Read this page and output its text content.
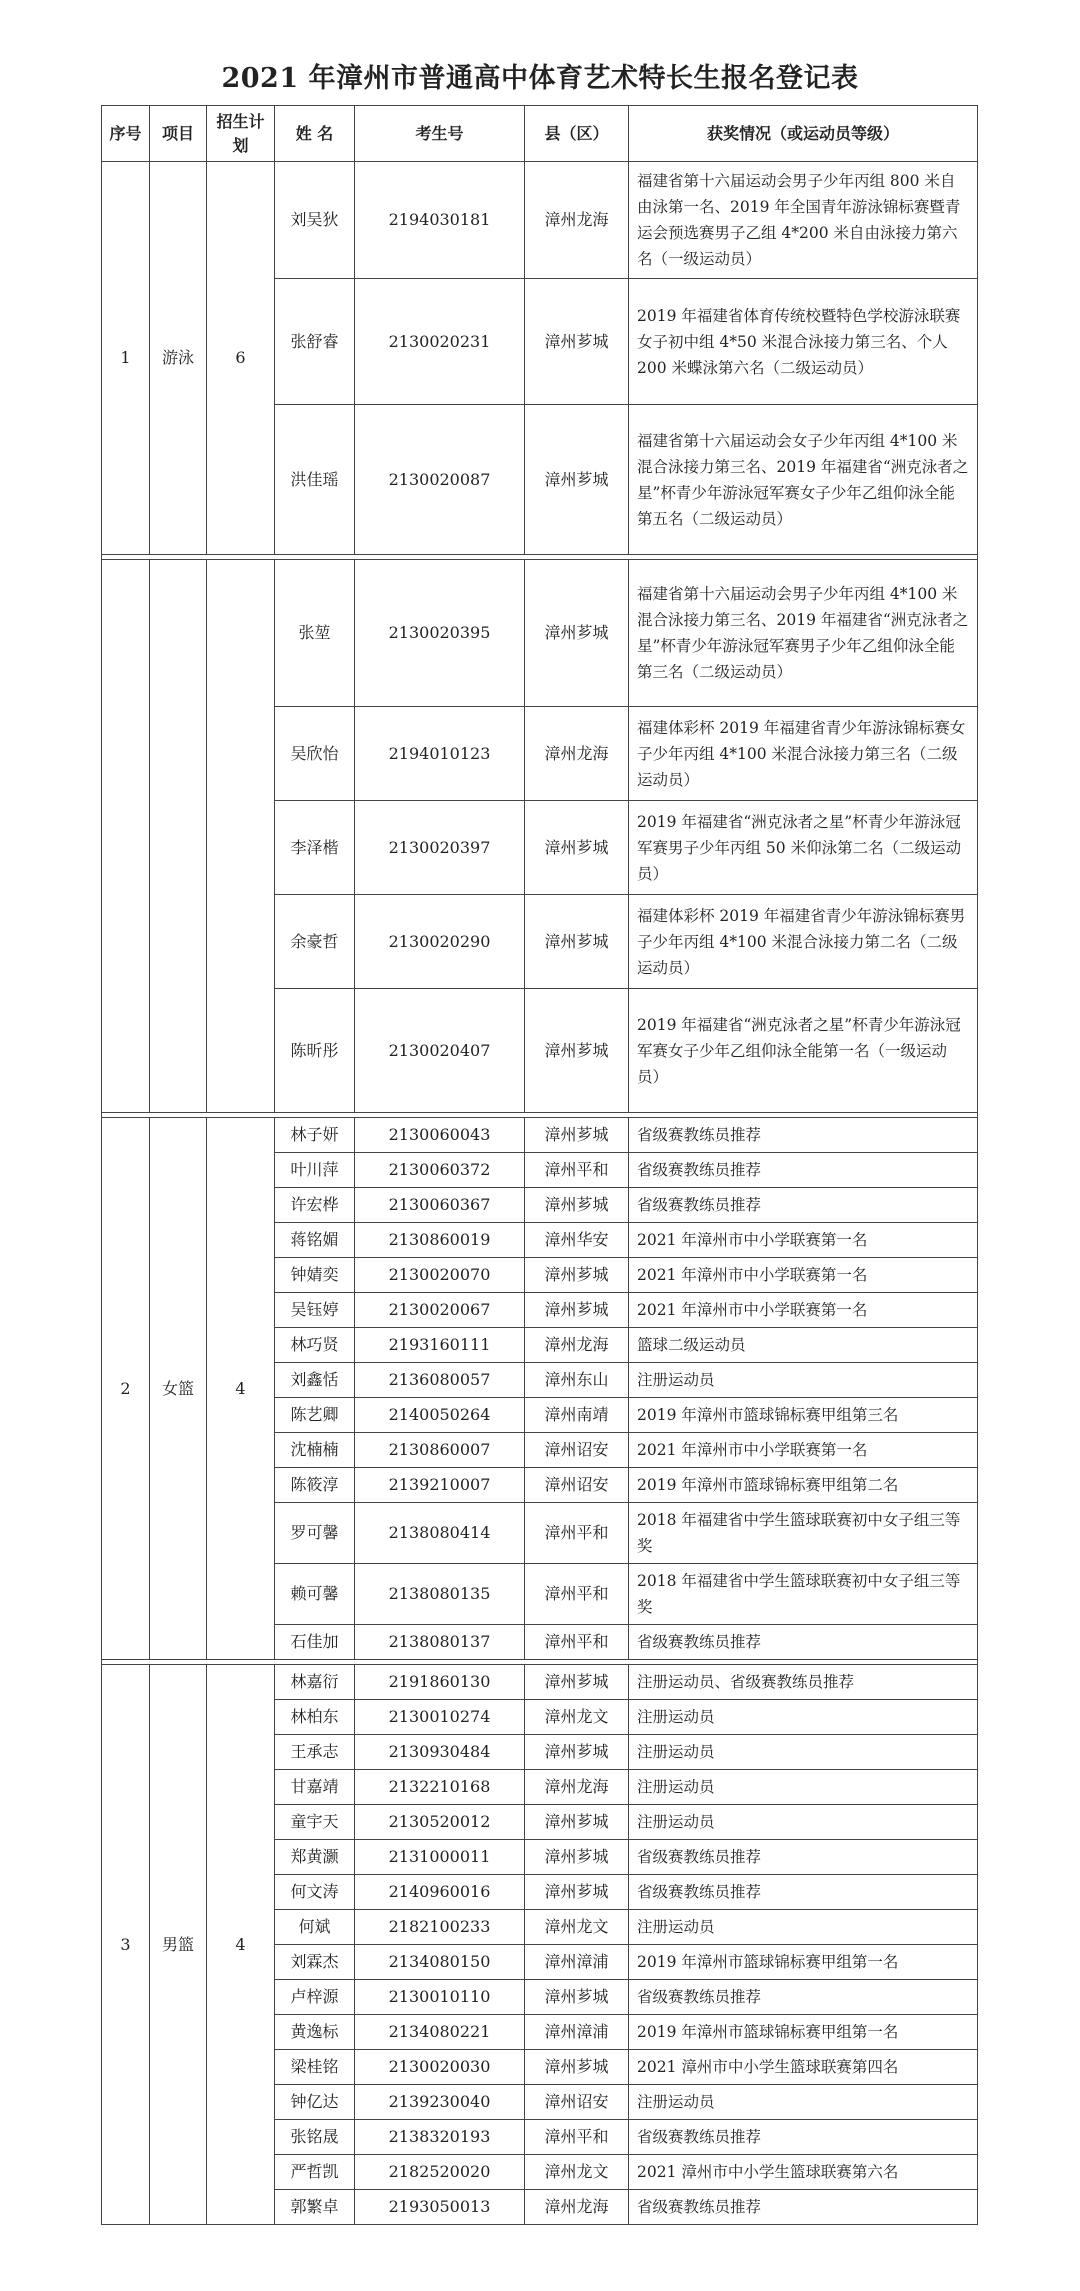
2021 年漳州市普通高中体育艺术特长生报名登记表
序号	项目	招生计划	姓 名	考生号	县（区）	获奖情况（或运动员等级）
1	游泳	6	刘吴狄	2194030181	漳州龙海	福建省第十六届运动会男子少年丙组 800 米自由泳第一名、2019 年全国青年游泳锦标赛暨青运会预选赛男子乙组 4*200 米自由泳接力第六名（一级运动员）
			张舒睿	2130020231	漳州芗城	2019 年福建省体育传统校暨特色学校游泳联赛女子初中组 4*50 米混合泳接力第三名、个人 200 米蝶泳第六名（二级运动员）
			洪佳瑶	2130020087	漳州芗城	福建省第十六届运动会女子少年丙组 4*100 米混合泳接力第三名、2019 年福建省“洲克泳者之星”杯青少年游泳冠军赛女子少年乙组仰泳全能第五名（二级运动员）

			张堃	2130020395	漳州芗城	福建省第十六届运动会男子少年丙组 4*100 米混合泳接力第三名、2019 年福建省“洲克泳者之星”杯青少年游泳冠军赛男子少年乙组仰泳全能第三名（二级运动员）
			吴欣怡	2194010123	漳州龙海	福建体彩杯 2019 年福建省青少年游泳锦标赛女子少年丙组 4*100 米混合泳接力第三名（二级运动员）
			李泽楷	2130020397	漳州芗城	2019 年福建省“洲克泳者之星”杯青少年游泳冠军赛男子少年丙组 50 米仰泳第二名（二级运动员）
			余豪哲	2130020290	漳州芗城	福建体彩杯 2019 年福建省青少年游泳锦标赛男子少年丙组 4*100 米混合泳接力第二名（二级运动员）
			陈昕彤	2130020407	漳州芗城	2019 年福建省“洲克泳者之星”杯青少年游泳冠军赛女子少年乙组仰泳全能第一名（一级运动员）

2	女篮	4	林子妍	2130060043	漳州芗城	省级赛教练员推荐
			叶川萍	2130060372	漳州平和	省级赛教练员推荐
			许宏桦	2130060367	漳州芗城	省级赛教练员推荐
			蒋铭媚	2130860019	漳州华安	2021 年漳州市中小学联赛第一名
			钟婧奕	2130020070	漳州芗城	2021 年漳州市中小学联赛第一名
			吴钰婷	2130020067	漳州芗城	2021 年漳州市中小学联赛第一名
			林巧贤	2193160111	漳州龙海	篮球二级运动员
			刘鑫恬	2136080057	漳州东山	注册运动员
			陈艺卿	2140050264	漳州南靖	2019 年漳州市篮球锦标赛甲组第三名
			沈楠楠	2130860007	漳州诏安	2021 年漳州市中小学联赛第一名
			陈筱淳	2139210007	漳州诏安	2019 年漳州市篮球锦标赛甲组第二名
			罗可馨	2138080414	漳州平和	2018 年福建省中学生篮球联赛初中女子组三等奖
			赖可馨	2138080135	漳州平和	2018 年福建省中学生篮球联赛初中女子组三等奖
			石佳加	2138080137	漳州平和	省级赛教练员推荐

3	男篮	4	林嘉衍	2191860130	漳州芗城	注册运动员、省级赛教练员推荐
			林柏东	2130010274	漳州龙文	注册运动员
			王承志	2130930484	漳州芗城	注册运动员
			甘嘉靖	2132210168	漳州龙海	注册运动员
			童宇天	2130520012	漳州芗城	注册运动员
			郑黄灏	2131000011	漳州芗城	省级赛教练员推荐
			何文涛	2140960016	漳州芗城	省级赛教练员推荐
			何斌	2182100233	漳州龙文	注册运动员
			刘霖杰	2134080150	漳州漳浦	2019 年漳州市篮球锦标赛甲组第一名
			卢梓源	2130010110	漳州芗城	省级赛教练员推荐
			黄逸标	2134080221	漳州漳浦	2019 年漳州市篮球锦标赛甲组第一名
			梁桂铭	2130020030	漳州芗城	2021 漳州市中小学生篮球联赛第四名
			钟亿达	2139230040	漳州诏安	注册运动员
			张铭晟	2138320193	漳州平和	省级赛教练员推荐
			严哲凯	2182520020	漳州龙文	2021 漳州市中小学生篮球联赛第六名
			郭繁卓	2193050013	漳州龙海	省级赛教练员推荐
